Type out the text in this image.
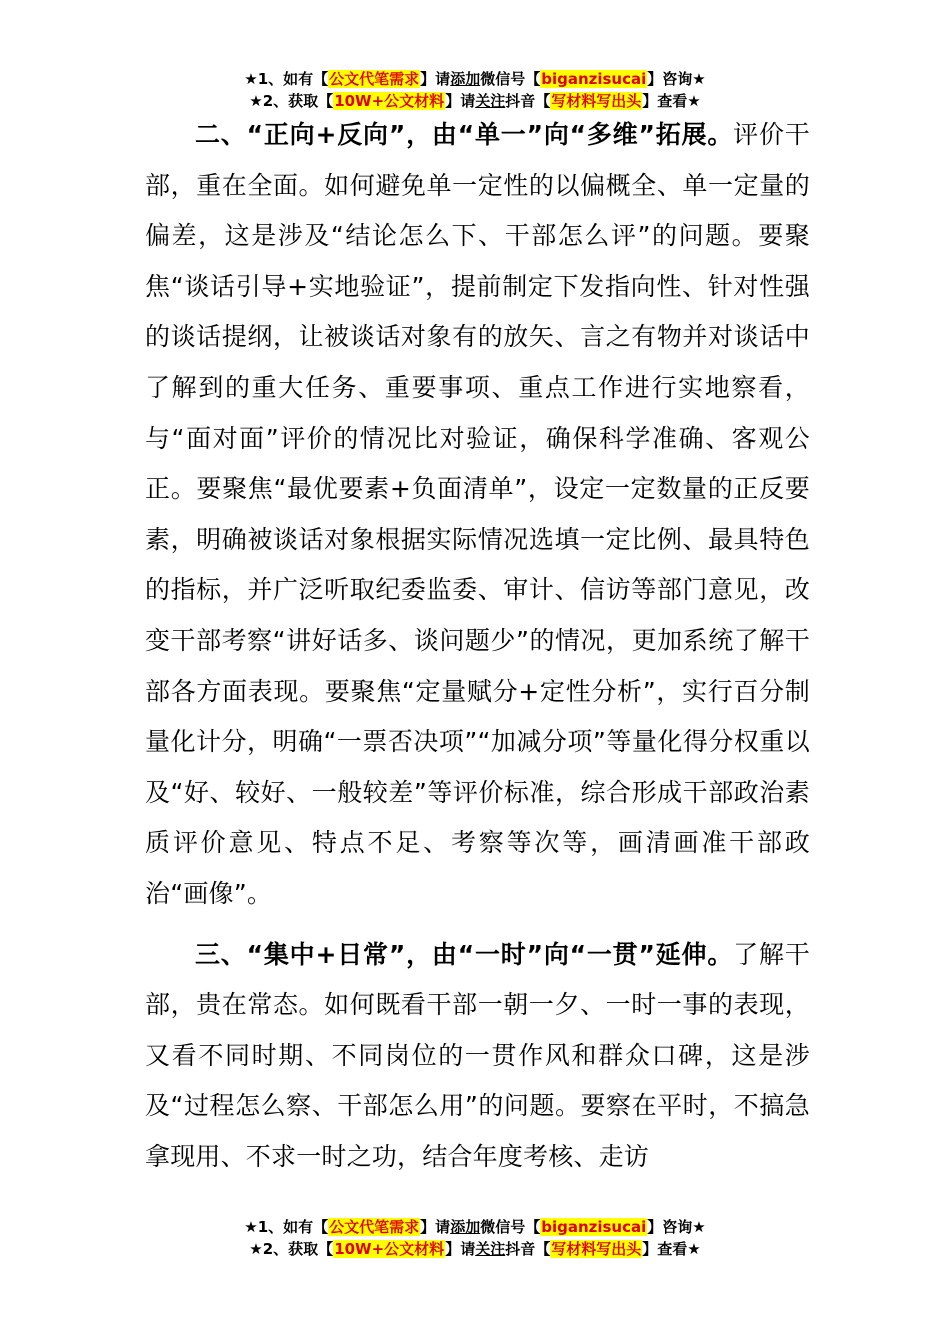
★1、如有【公文代笔需求】请添加微信号【biganzisucai】咨询★
★2、获取【10W+公文材料】请关注抖音【写材料写出头】查看★

二、“正向+反向”，由“单一”向“多维”拓展。评价干部，重在全面。如何避免单一定性的以偏概全、单一定量的偏差，这是涉及“结论怎么下、干部怎么评”的问题。要聚焦“谈话引导+实地验证”，提前制定下发指向性、针对性强的谈话提纲，让被谈话对象有的放矢、言之有物并对谈话中了解到的重大任务、重要事项、重点工作进行实地察看，与“面对面”评价的情况比对验证，确保科学准确、客观公正。要聚焦“最优要素+负面清单”，设定一定数量的正反要素，明确被谈话对象根据实际情况选填一定比例、最具特色的指标，并广泛听取纪委监委、审计、信访等部门意见，改变干部考察“讲好话多、谈问题少”的情况，更加系统了解干部各方面表现。要聚焦“定量赋分+定性分析”，实行百分制量化计分，明确“一票否决项”“加减分项”等量化得分权重以及“好、较好、一般较差”等评价标准，综合形成干部政治素质评价意见、特点不足、考察等次等，画清画准干部政治“画像”。

三、“集中+日常”，由“一时”向“一贯”延伸。了解干部，贵在常态。如何既看干部一朝一夕、一时一事的表现，又看不同时期、不同岗位的一贯作风和群众口碑，这是涉及“过程怎么察、干部怎么用”的问题。要察在平时，不搞急拿现用、不求一时之功，结合年度考核、走访

★1、如有【公文代笔需求】请添加微信号【biganzisucai】咨询★
★2、获取【10W+公文材料】请关注抖音【写材料写出头】查看★
